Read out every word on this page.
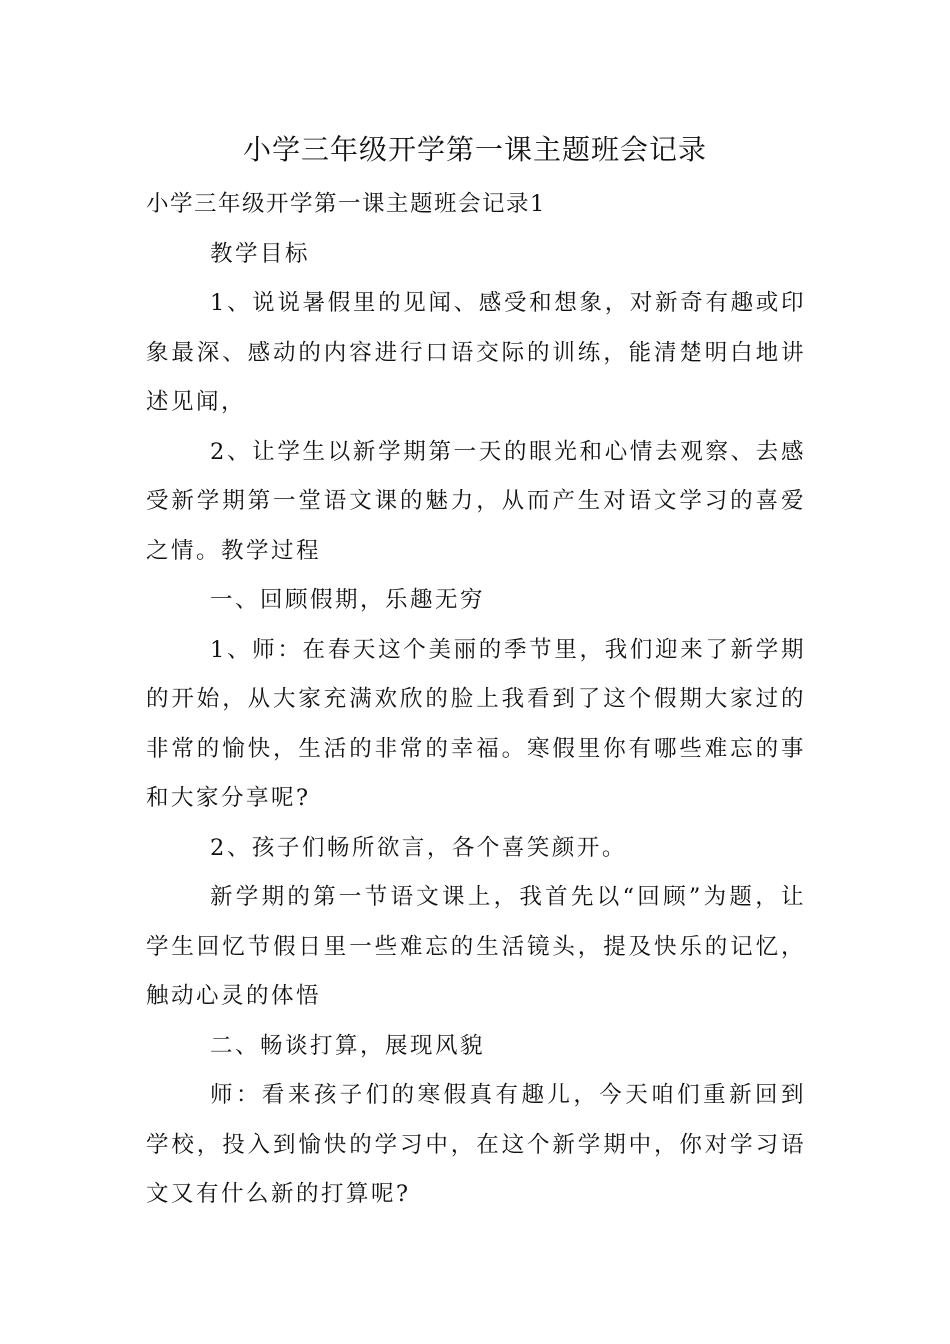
小学三年级开学第一课主题班会记录

小学三年级开学第一课主题班会记录1

教学目标

1、说说暑假里的见闻、感受和想象，对新奇有趣或印象最深、感动的内容进行口语交际的训练，能清楚明白地讲述见闻，

2、让学生以新学期第一天的眼光和心情去观察、去感受新学期第一堂语文课的魅力，从而产生对语文学习的喜爱之情。教学过程

一、回顾假期，乐趣无穷

1、师：在春天这个美丽的季节里，我们迎来了新学期的开始，从大家充满欢欣的脸上我看到了这个假期大家过的非常的愉快，生活的非常的幸福。寒假里你有哪些难忘的事和大家分享呢?

2、孩子们畅所欲言，各个喜笑颜开。

新学期的第一节语文课上，我首先以“回顾”为题，让学生回忆节假日里一些难忘的生活镜头，提及快乐的记忆，触动心灵的体悟

二、畅谈打算，展现风貌

师：看来孩子们的寒假真有趣儿，今天咱们重新回到学校，投入到愉快的学习中，在这个新学期中，你对学习语文又有什么新的打算呢?
